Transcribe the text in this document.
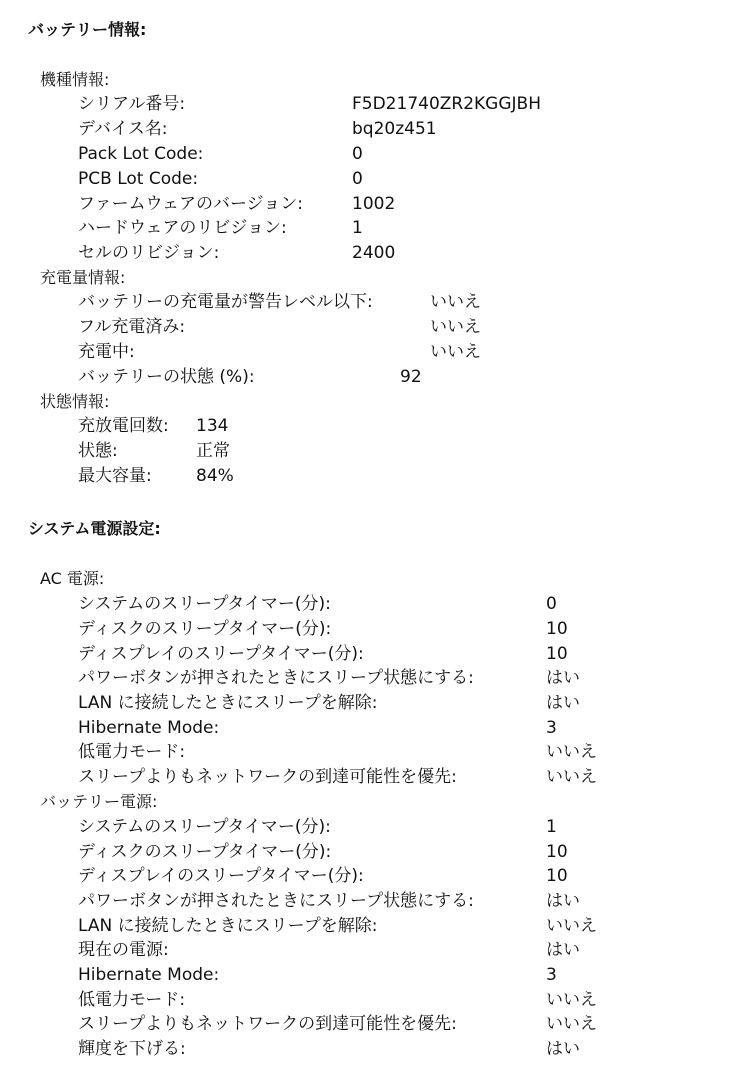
バッテリー情報:
機種情報:
シリアル番号:	F5D21740ZR2KGGJBH
デバイス名:	bq20z451
Pack Lot Code:	0
PCB Lot Code:	0
ファームウェアのバージョン:	1002
ハードウェアのリビジョン:	1
セルのリビジョン:	2400
充電量情報:
バッテリーの充電量が警告レベル以下:	いいえ
フル充電済み:	いいえ
充電中:	いいえ
バッテリーの状態 (%):	92
状態情報:
充放電回数: 134
状態:	正常
最大容量:	84%
システム電源設定:
AC 電源:
システムのスリープタイマー(分):	0
ディスクのスリープタイマー(分):	10
ディスプレイのスリープタイマー(分):	10
パワーボタンが押されたときにスリープ状態にする:	はい
LAN に接続したときにスリープを解除:	はい
Hibernate Mode:	3
低電力モード:	いいえ
スリープよりもネットワークの到達可能性を優先:	いいえ
バッテリー電源:
システムのスリープタイマー(分):	1
ディスクのスリープタイマー(分):	10
ディスプレイのスリープタイマー(分):	10
パワーボタンが押されたときにスリープ状態にする:	はい
LAN に接続したときにスリープを解除:	いいえ
現在の電源:	はい
Hibernate Mode:	3
低電力モード:	いいえ
スリープよりもネットワークの到達可能性を優先:	いいえ
輝度を下げる:	はい
